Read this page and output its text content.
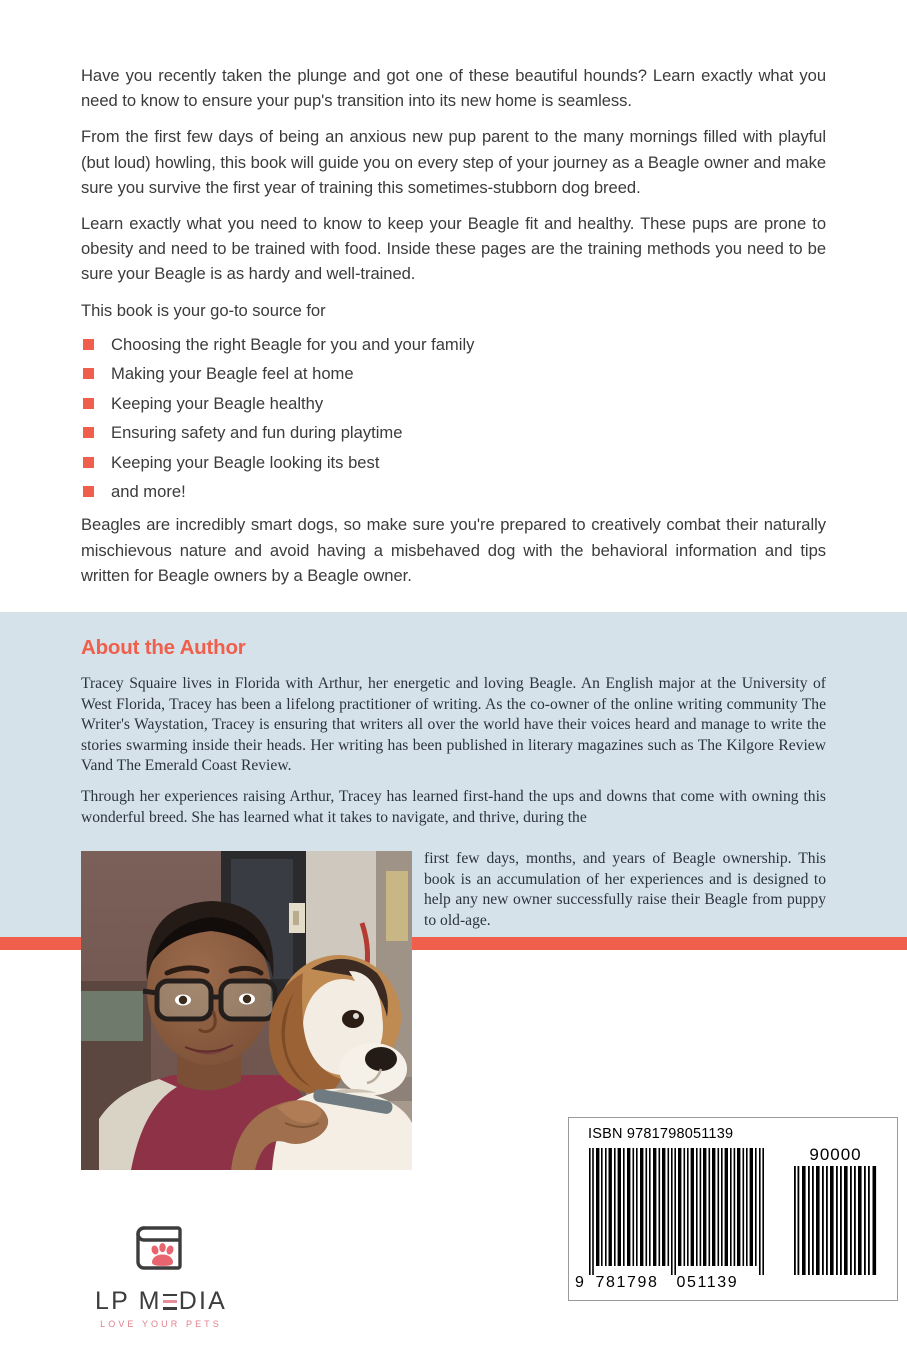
Have you recently taken the plunge and got one of these beautiful hounds? Learn exactly what you need to know to ensure your pup's transition into its new home is seamless.

From the first few days of being an anxious new pup parent to the many mornings filled with playful (but loud) howling, this book will guide you on every step of your journey as a Beagle owner and make sure you survive the first year of training this sometimes-stubborn dog breed.

Learn exactly what you need to know to keep your Beagle fit and healthy. These pups are prone to obesity and need to be trained with food. Inside these pages are the training methods you need to be sure your Beagle is as hardy and well-trained.

This book is your go-to source for

Choosing the right Beagle for you and your family
Making your Beagle feel at home
Keeping your Beagle healthy
Ensuring safety and fun during playtime
Keeping your Beagle looking its best
and more!

Beagles are incredibly smart dogs, so make sure you're prepared to creatively combat their naturally mischievous nature and avoid having a misbehaved dog with the behavioral information and tips written for Beagle owners by a Beagle owner.

About the Author

Tracey Squaire lives in Florida with Arthur, her energetic and loving Beagle. An English major at the University of West Florida, Tracey has been a lifelong practitioner of writing. As the co-owner of the online writing community The Writer's Waystation, Tracey is ensuring that writers all over the world have their voices heard and manage to write the stories swarming inside their heads. Her writing has been published in literary magazines such as The Kilgore Review Vand The Emerald Coast Review.

Through her experiences raising Arthur, Tracey has learned first-hand the ups and downs that come with owning this wonderful breed. She has learned what it takes to navigate, and thrive, during the

first few days, months, and years of Beagle ownership. This book is an accumulation of her experiences and is designed to help any new owner successfully raise their Beagle from puppy to old-age.

LP M DIA
LOVE YOUR PETS
ISBN 9781798051139
90000
9 781798 051139
